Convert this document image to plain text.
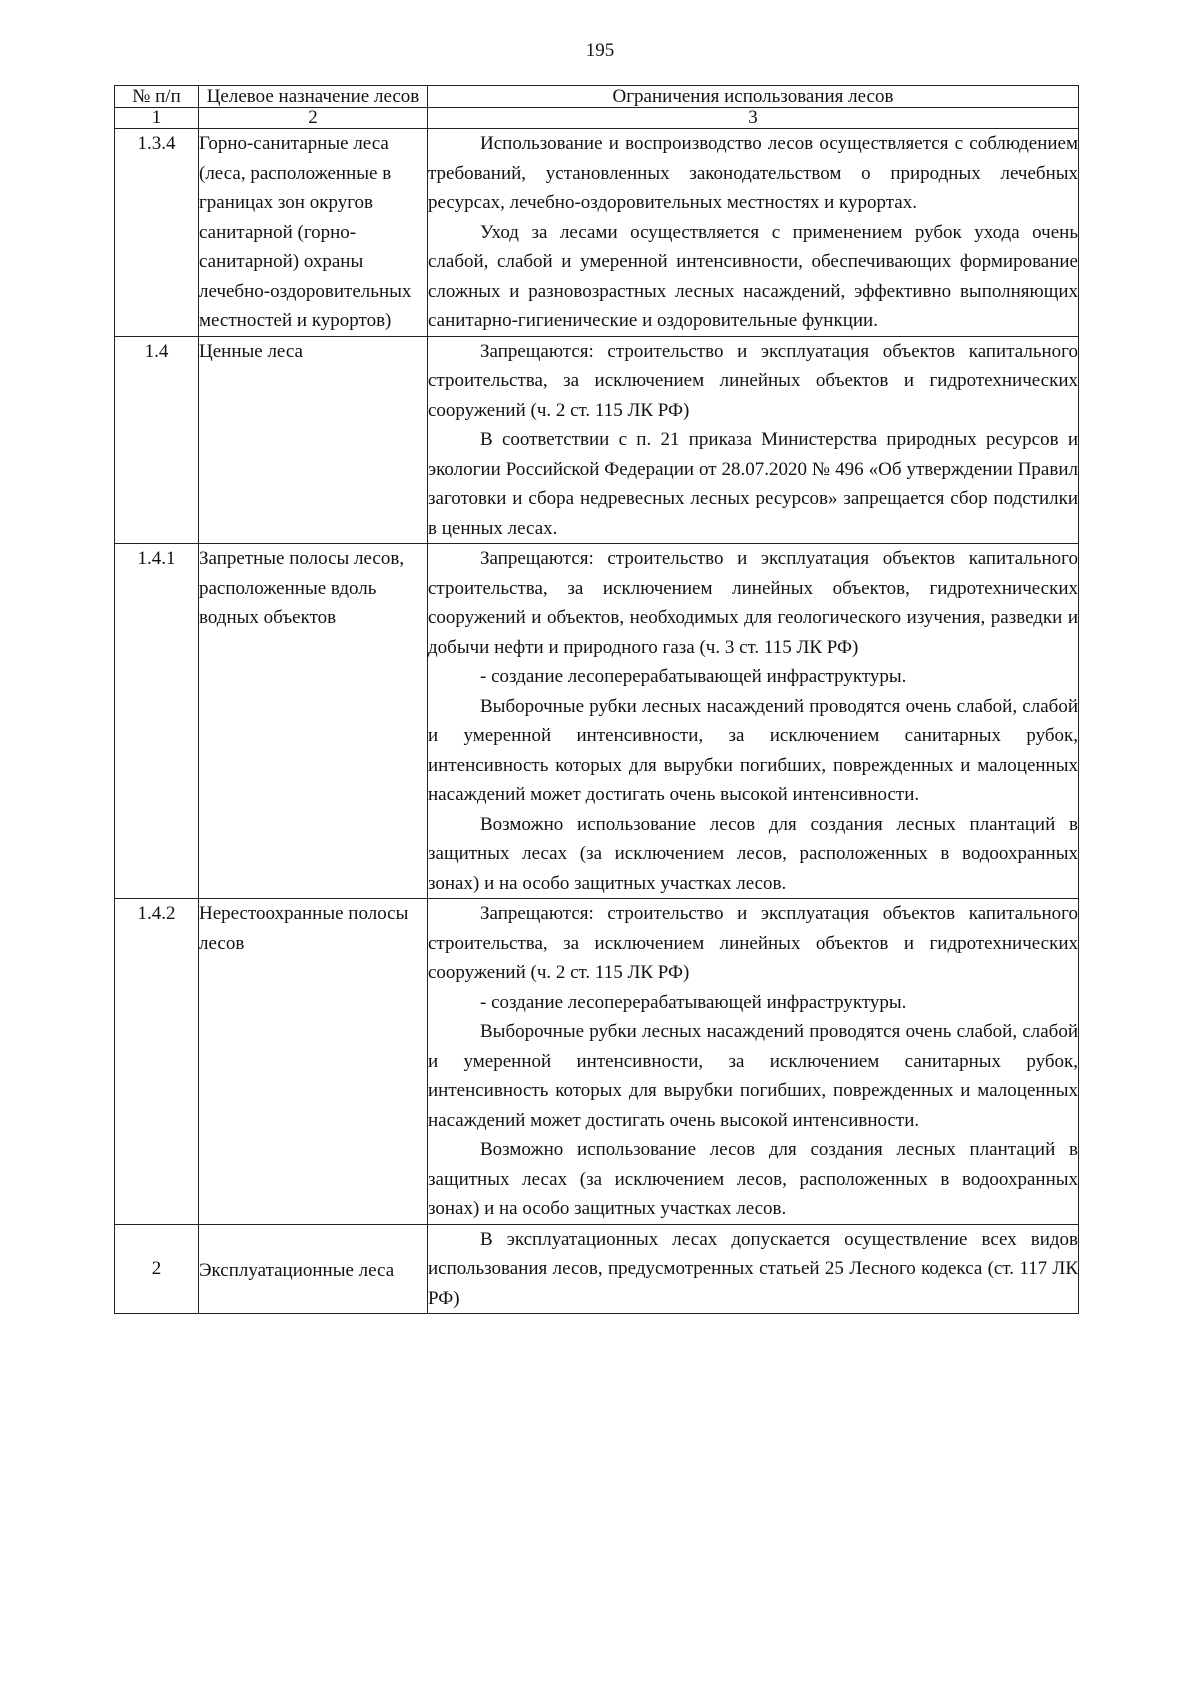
195
№ п/п	Целевое назначение лесов	Ограничения использования лесов
1	2	3
1.3.4	Горно-санитарные леса (леса, расположенные в границах зон округов санитарной (горно-санитарной) охраны лечебно-оздоровительных местностей и курортов)	Использование и воспроизводство лесов осуществляется с соблюдением требований, установленных законодательством о природных лечебных ресурсах, лечебно-оздоровительных местностях и курортах.

Уход за лесами осуществляется с применением рубок ухода очень слабой, слабой и умеренной интенсивности, обеспечивающих формирование сложных и разновозрастных лесных насаждений, эффективно выполняющих санитарно-гигиенические и оздоровительные функции.

1.4	Ценные леса	Запрещаются: строительство и эксплуатация объектов капитального строительства, за исключением линейных объектов и гидротехнических сооружений (ч. 2 ст. 115 ЛК РФ)

В соответствии с п. 21 приказа Министерства природных ресурсов и экологии Российской Федерации от 28.07.2020 № 496 «Об утверждении Правил заготовки и сбора недревесных лесных ресурсов» запрещается сбор подстилки в ценных лесах.

1.4.1	Запретные полосы лесов, расположенные вдоль водных объектов	Запрещаются: строительство и эксплуатация объектов капитального строительства, за исключением линейных объектов, гидротехнических сооружений и объектов, необходимых для геологического изучения, разведки и добычи нефти и природного газа (ч. 3 ст. 115 ЛК РФ)

- создание лесоперерабатывающей инфраструктуры.

Выборочные рубки лесных насаждений проводятся очень слабой, слабой и умеренной интенсивности, за исключением санитарных рубок, интенсивность которых для вырубки погибших, поврежденных и малоценных насаждений может достигать очень высокой интенсивности.

Возможно использование лесов для создания лесных плантаций в защитных лесах (за исключением лесов, расположенных в водоохранных зонах) и на особо защитных участках лесов.

1.4.2	Нерестоохранные полосы лесов	Запрещаются: строительство и эксплуатация объектов капитального строительства, за исключением линейных объектов и гидротехнических сооружений (ч. 2 ст. 115 ЛК РФ)

- создание лесоперерабатывающей инфраструктуры.

Выборочные рубки лесных насаждений проводятся очень слабой, слабой и умеренной интенсивности, за исключением санитарных рубок, интенсивность которых для вырубки погибших, поврежденных и малоценных насаждений может достигать очень высокой интенсивности.

Возможно использование лесов для создания лесных плантаций в защитных лесах (за исключением лесов, расположенных в водоохранных зонах) и на особо защитных участках лесов.

2	Эксплуатационные леса	В эксплуатационных лесах допускается осуществление всех видов использования лесов, предусмотренных статьей 25 Лесного кодекса (ст. 117 ЛК РФ)
